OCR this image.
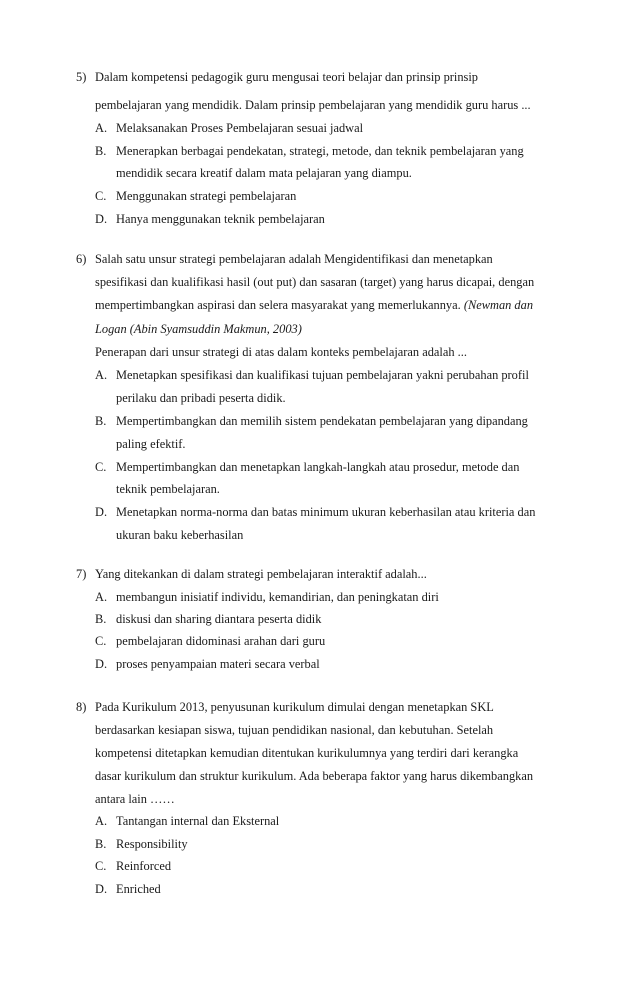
5) Dalam kompetensi pedagogik guru mengusai teori belajar dan prinsip prinsip
pembelajaran yang mendidik. Dalam prinsip pembelajaran yang mendidik guru harus ...
A. Melaksanakan Proses Pembelajaran sesuai jadwal
B. Menerapkan berbagai pendekatan, strategi, metode, dan teknik pembelajaran yang
mendidik secara kreatif dalam mata pelajaran yang diampu.
C. Menggunakan strategi pembelajaran
D. Hanya menggunakan teknik pembelajaran
6) Salah satu unsur strategi pembelajaran adalah Mengidentifikasi dan menetapkan
spesifikasi dan kualifikasi hasil (out put) dan sasaran (target) yang harus dicapai, dengan
mempertimbangkan aspirasi dan selera masyarakat yang memerlukannya. (Newman dan
Logan (Abin Syamsuddin Makmun, 2003)
Penerapan dari unsur strategi di atas dalam konteks pembelajaran adalah ...
A. Menetapkan spesifikasi dan kualifikasi tujuan pembelajaran yakni perubahan profil
perilaku dan pribadi peserta didik.
B. Mempertimbangkan dan memilih sistem pendekatan pembelajaran yang dipandang
paling efektif.
C. Mempertimbangkan dan menetapkan langkah-langkah atau prosedur, metode dan
teknik pembelajaran.
D. Menetapkan norma-norma dan batas minimum ukuran keberhasilan atau kriteria dan
ukuran baku keberhasilan
7) Yang ditekankan di dalam strategi pembelajaran interaktif adalah...
A. membangun inisiatif individu, kemandirian, dan peningkatan diri
B. diskusi dan sharing diantara peserta didik
C. pembelajaran didominasi arahan dari guru
D. proses penyampaian materi secara verbal
8) Pada Kurikulum 2013, penyusunan kurikulum dimulai dengan menetapkan SKL
berdasarkan kesiapan siswa, tujuan pendidikan nasional, dan kebutuhan. Setelah
kompetensi ditetapkan kemudian ditentukan kurikulumnya yang terdiri dari kerangka
dasar kurikulum dan struktur kurikulum. Ada beberapa faktor yang harus dikembangkan
antara lain ……
A. Tantangan internal dan Eksternal
B. Responsibility
C. Reinforced
D. Enriched
